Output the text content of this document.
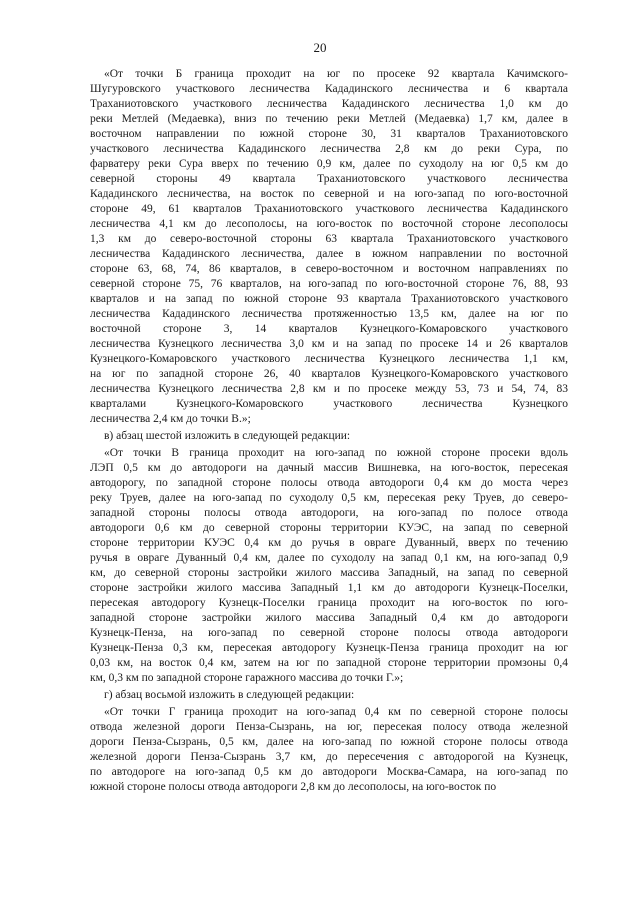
20
«От точки Б граница проходит на юг по просеке 92 квартала Качимского-
Шугуровского участкового лесничества Кададинского лесничества и 6 квартала
Трахaниотовского участкового лесничества Кададинского лесничества 1,0 км до
реки Метлей (Медаевка), вниз по течению реки Метлей (Медаевка) 1,7 км, далее в
восточном направлении по южной стороне 30, 31 кварталов Трахaниотовского
участкового лесничества Кададинского лесничества 2,8 км до реки Сура, по
фарватеру реки Сура вверх по течению 0,9 км, далее по суходолу на юг 0,5 км до
северной стороны 49 квартала Трахaниотовского участкового лесничества
Кададинского лесничества, на восток по северной и на юго-запад по юго-восточной
стороне 49, 61 кварталов Трахaниотовского участкового лесничества Кададинского
лесничества 4,1 км до лесополосы, на юго-восток по восточной стороне лесополосы
1,3 км до северо-восточной стороны 63 квартала Трахaниотовского участкового
лесничества Кададинского лесничества, далее в южном направлении по восточной
стороне 63, 68, 74, 86 кварталов, в северо-восточном и восточном направлениях по
северной стороне 75, 76 кварталов, на юго-запад по юго-восточной стороне 76, 88, 93
кварталов и на запад по южной стороне 93 квартала Трахaниотовского участкового
лесничества Кададинского лесничества протяженностью 13,5 км, далее на юг по
восточной стороне 3, 14 кварталов Кузнецкого-Комаровского участкового
лесничества Кузнецкого лесничества 3,0 км и на запад по просеке 14 и 26 кварталов
Кузнецкого-Комаровского участкового лесничества Кузнецкого лесничества 1,1 км,
на юг по западной стороне 26, 40 кварталов Кузнецкого-Комаровского участкового
лесничества Кузнецкого лесничества 2,8 км и по просеке между 53, 73 и 54, 74, 83
кварталами Кузнецкого-Комаровского участкового лесничества Кузнецкого
лесничества 2,4 км до точки В.»;
в) абзац шестой изложить в следующей редакции:
«От точки В граница проходит на юго-запад по южной стороне просеки вдоль
ЛЭП 0,5 км до автодороги на дачный массив Вишневка, на юго-восток, пересекая
автодорогу, по западной стороне полосы отвода автодороги 0,4 км до моста через
реку Труев, далее на юго-запад по суходолу 0,5 км, пересекая реку Труев, до северо-
западной стороны полосы отвода автодороги, на юго-запад по полосе отвода
автодороги 0,6 км до северной стороны территории КУЭС, на запад по северной
стороне территории КУЭС 0,4 км до ручья в овраге Дуванный, вверх по течению
ручья в овраге Дуванный 0,4 км, далее по суходолу на запад 0,1 км, на юго-запад 0,9
км, до северной стороны застройки жилого массива Западный, на запад по северной
стороне застройки жилого массива Западный 1,1 км до автодороги Кузнецк-Поселки,
пересекая автодорогу Кузнецк-Поселки граница проходит на юго-восток по юго-
западной стороне застройки жилого массива Западный 0,4 км до автодороги
Кузнецк-Пенза, на юго-запад по северной стороне полосы отвода автодороги
Кузнецк-Пенза 0,3 км, пересекая автодорогу Кузнецк-Пенза граница проходит на юг
0,03 км, на восток 0,4 км, затем на юг по западной стороне территории промзоны 0,4
км, 0,3 км по западной стороне гаражного массива до точки Г.»;
г) абзац восьмой изложить в следующей редакции:
«От точки Г граница проходит на юго-запад 0,4 км по северной стороне полосы
отвода железной дороги Пенза-Сызрань, на юг, пересекая полосу отвода железной
дороги Пенза-Сызрань, 0,5 км, далее на юго-запад по южной стороне полосы отвода
железной дороги Пенза-Сызрань 3,7 км, до пересечения с автодорогой на Кузнецк,
по автодороге на юго-запад 0,5 км до автодороги Москва-Самара, на юго-запад по
южной стороне полосы отвода автодороги 2,8 км до лесополосы, на юго-восток по
